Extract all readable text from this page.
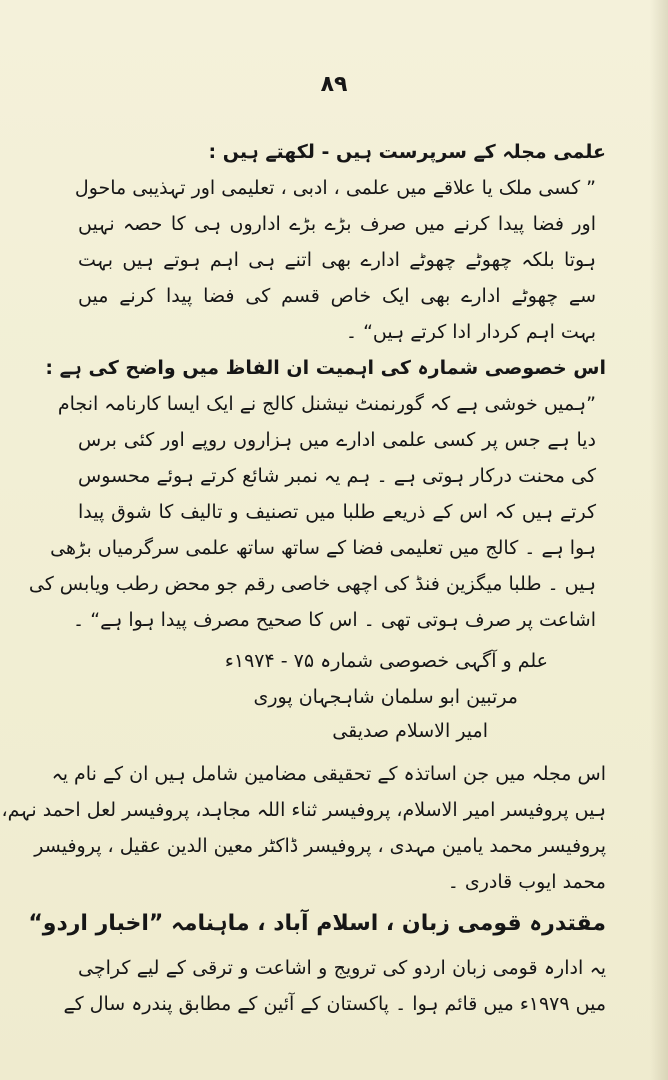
٨٩
علمی مجلہ کے سرپرست ہیں - لکھتے ہیں :
” کسی ملک یا علاقے میں علمی ، ادبی ، تعلیمی اور تہذیبی ماحول
اور فضا پیدا کرنے میں صرف بڑے بڑے اداروں ہی کا حصہ نہیں
ہوتا بلکہ چھوٹے چھوٹے ادارے بھی اتنے ہی اہم ہوتے ہیں بہت
سے چھوٹے ادارے بھی ایک خاص قسم کی فضا پیدا کرنے میں
بہت اہم کردار ادا کرتے ہیں“ ۔
اس خصوصی شمارہ کی اہمیت ان الفاظ میں واضح کی ہے :
”ہمیں خوشی ہے کہ گورنمنٹ نیشنل کالج نے ایک ایسا کارنامہ انجام
دیا ہے جس پر کسی علمی ادارے میں ہزاروں روپے اور کئی برس
کی محنت درکار ہوتی ہے ۔ ہم یہ نمبر شائع کرتے ہوئے محسوس
کرتے ہیں کہ اس کے ذریعے طلبا میں تصنیف و تالیف کا شوق پیدا
ہوا ہے ۔ کالج میں تعلیمی فضا کے ساتھ ساتھ علمی سرگرمیاں بڑھی
ہیں ۔ طلبا میگزین فنڈ کی اچھی خاصی رقم جو محض رطب ویابس کی
اشاعت پر صرف ہوتی تھی ۔ اس کا صحیح مصرف پیدا ہوا ہے“ ۔
علم و آگہی خصوصی شمارہ ۷۵ - ۱۹۷۴ء
مرتبین ابو سلمان شاہجہان پوری
امیر الاسلام صدیقی
اس مجلہ میں جن اساتذہ کے تحقیقی مضامین شامل ہیں ان کے نام یہ
ہیں پروفیسر امیر الاسلام، پروفیسر ثناء اللہ مجاہد، پروفیسر لعل احمد نہم،
پروفیسر محمد یامین مہدی ، پروفیسر ڈاکٹر معین الدین عقیل ، پروفیسر
محمد ایوب قادری ۔
مقتدرہ قومی زبان ، اسلام آباد ، ماہنامہ ”اخبار اردو“
یہ ادارہ قومی زبان اردو کی ترویج و اشاعت و ترقی کے لیے کراچی
میں ۱۹۷۹ء میں قائم ہوا ۔ پاکستان کے آئین کے مطابق پندرہ سال کے
